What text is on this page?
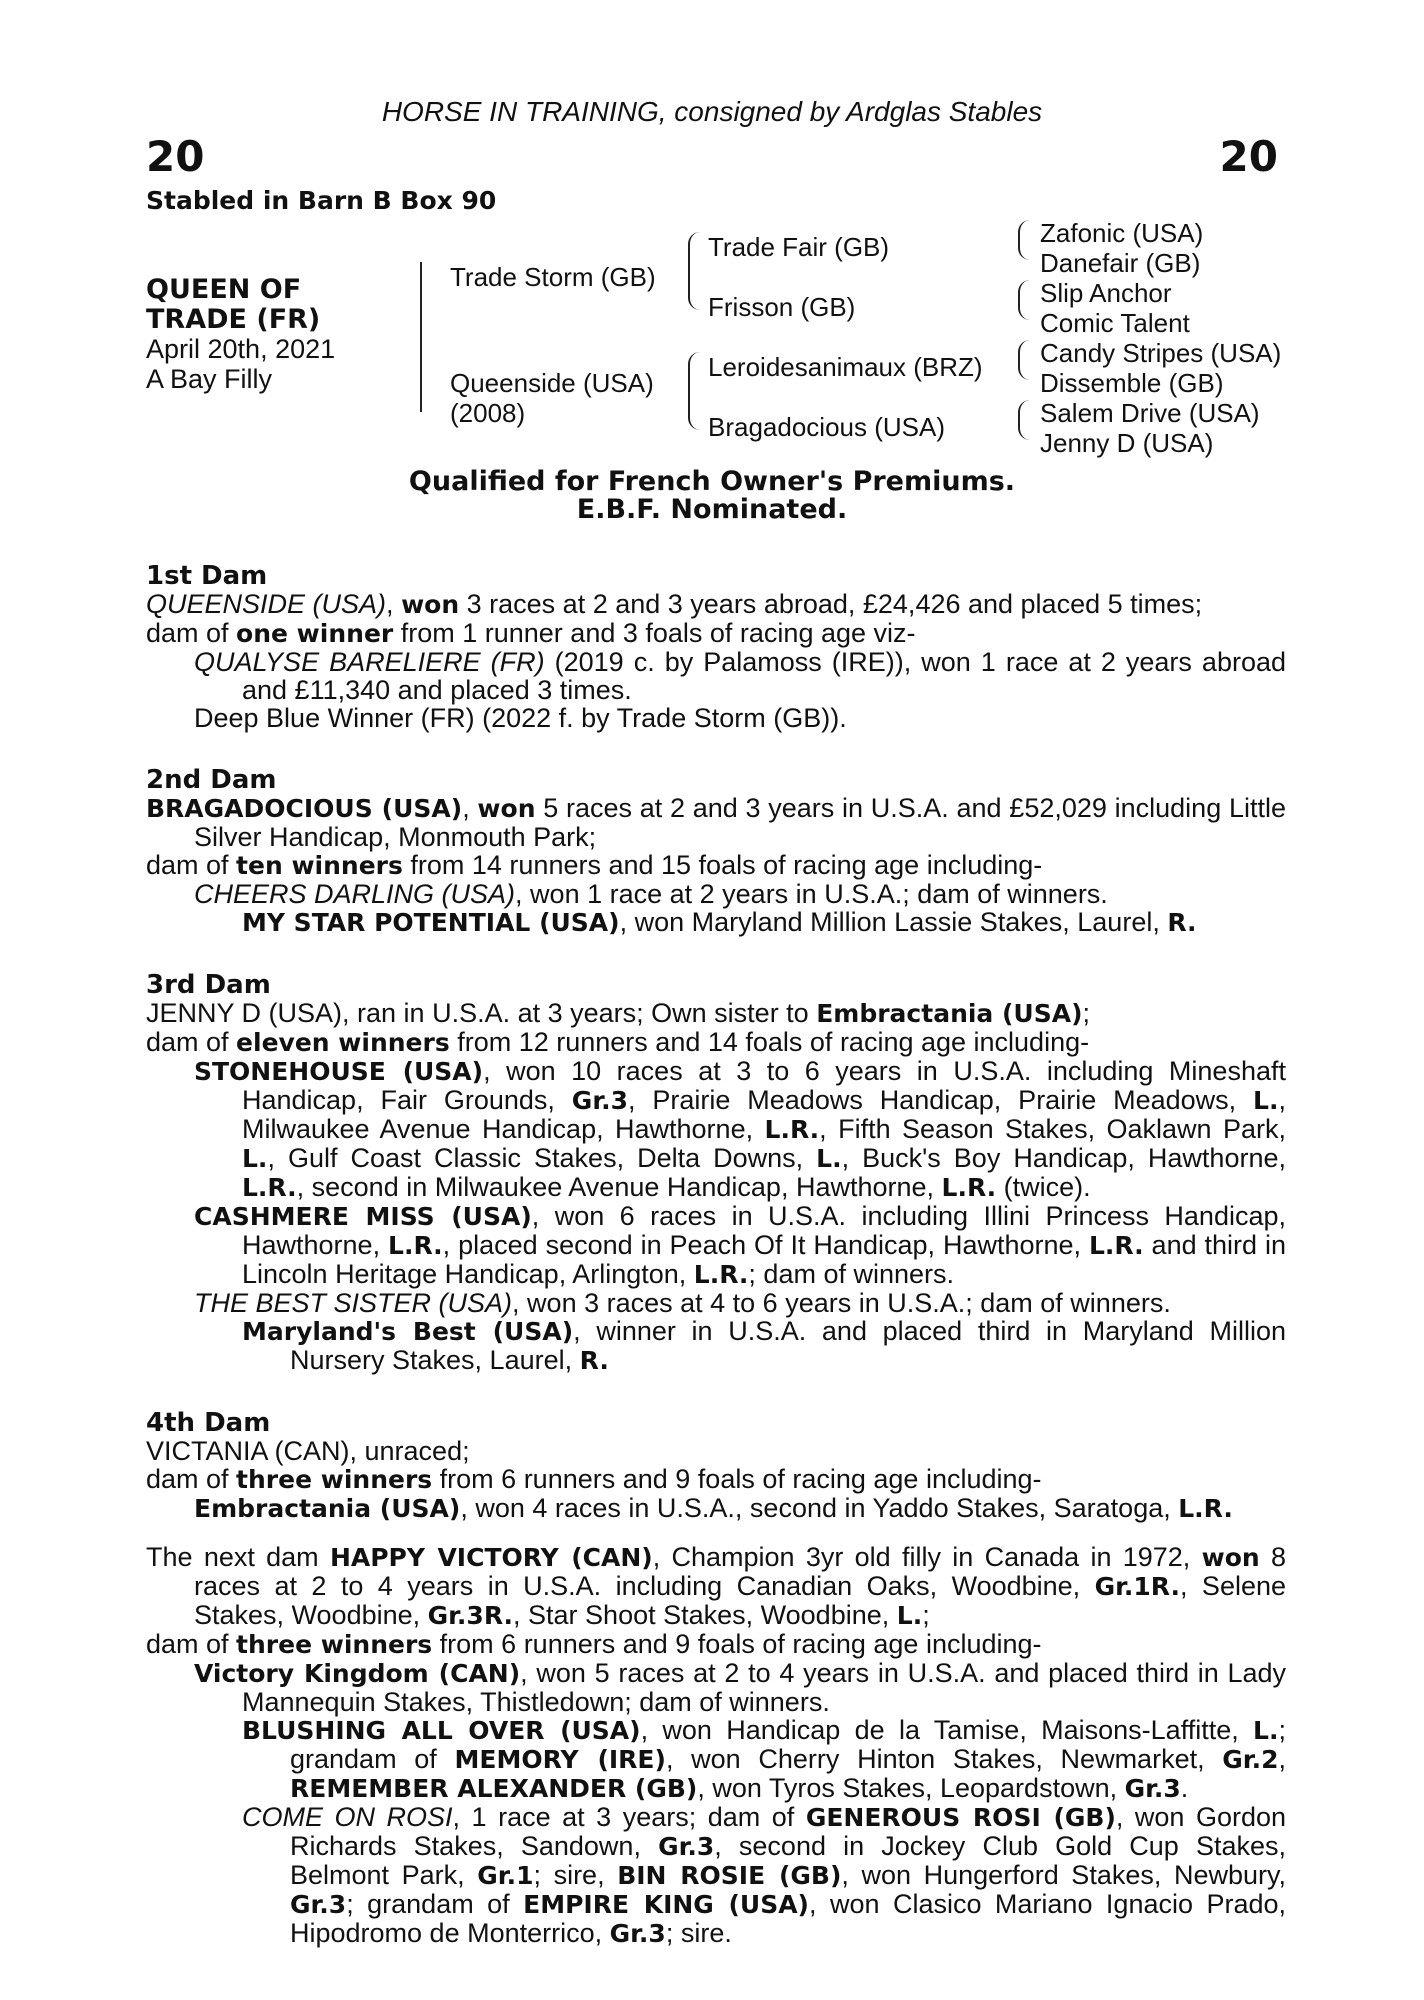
HORSE IN TRAINING, consigned by Ardglas Stables
20	20
Stabled in Barn B Box 90
QUEEN OF
TRADE (FR)
April 20th, 2021
A Bay Filly
Trade Storm (GB)
Queenside (USA)
(2008)
Trade Fair (GB)
Frisson (GB)
Leroidesanimaux (BRZ)
Bragadocious (USA)
Zafonic (USA)
Danefair (GB)
Slip Anchor
Comic Talent
Candy Stripes (USA)
Dissemble (GB)
Salem Drive (USA)
Jenny D (USA)
Qualified for French Owner's Premiums.
E.B.F. Nominated.

1st Dam

QUEENSIDE (USA), won 3 races at 2 and 3 years abroad, £24,426 and placed 5 times;

dam of one winner from 1 runner and 3 foals of racing age viz-

QUALYSE BARELIERE (FR) (2019 c. by Palamoss (IRE)), won 1 race at 2 years abroad and £11,340 and placed 3 times.

Deep Blue Winner (FR) (2022 f. by Trade Storm (GB)).

2nd Dam

BRAGADOCIOUS (USA), won 5 races at 2 and 3 years in U.S.A. and £52,029 including Little Silver Handicap, Monmouth Park;

dam of ten winners from 14 runners and 15 foals of racing age including-

CHEERS DARLING (USA), won 1 race at 2 years in U.S.A.; dam of winners.

MY STAR POTENTIAL (USA), won Maryland Million Lassie Stakes, Laurel, R.

3rd Dam

JENNY D (USA), ran in U.S.A. at 3 years; Own sister to Embractania (USA);

dam of eleven winners from 12 runners and 14 foals of racing age including-

STONEHOUSE (USA), won 10 races at 3 to 6 years in U.S.A. including Mineshaft Handicap, Fair Grounds, Gr.3, Prairie Meadows Handicap, Prairie Meadows, L., Milwaukee Avenue Handicap, Hawthorne, L.R., Fifth Season Stakes, Oaklawn Park, L., Gulf Coast Classic Stakes, Delta Downs, L., Buck's Boy Handicap, Hawthorne, L.R., second in Milwaukee Avenue Handicap, Hawthorne, L.R. (twice).

CASHMERE MISS (USA), won 6 races in U.S.A. including Illini Princess Handicap, Hawthorne, L.R., placed second in Peach Of It Handicap, Hawthorne, L.R. and third in Lincoln Heritage Handicap, Arlington, L.R.; dam of winners.

THE BEST SISTER (USA), won 3 races at 4 to 6 years in U.S.A.; dam of winners.

Maryland's Best (USA), winner in U.S.A. and placed third in Maryland Million Nursery Stakes, Laurel, R.

4th Dam

VICTANIA (CAN), unraced;

dam of three winners from 6 runners and 9 foals of racing age including-

Embractania (USA), won 4 races in U.S.A., second in Yaddo Stakes, Saratoga, L.R.

The next dam HAPPY VICTORY (CAN), Champion 3yr old filly in Canada in 1972, won 8 races at 2 to 4 years in U.S.A. including Canadian Oaks, Woodbine, Gr.1R., Selene Stakes, Woodbine, Gr.3R., Star Shoot Stakes, Woodbine, L.;

dam of three winners from 6 runners and 9 foals of racing age including-

Victory Kingdom (CAN), won 5 races at 2 to 4 years in U.S.A. and placed third in Lady Mannequin Stakes, Thistledown; dam of winners.

BLUSHING ALL OVER (USA), won Handicap de la Tamise, Maisons-Laffitte, L.; grandam of MEMORY (IRE), won Cherry Hinton Stakes, Newmarket, Gr.2, REMEMBER ALEXANDER (GB), won Tyros Stakes, Leopardstown, Gr.3.

COME ON ROSI, 1 race at 3 years; dam of GENEROUS ROSI (GB), won Gordon Richards Stakes, Sandown, Gr.3, second in Jockey Club Gold Cup Stakes, Belmont Park, Gr.1; sire, BIN ROSIE (GB), won Hungerford Stakes, Newbury, Gr.3; grandam of EMPIRE KING (USA), won Clasico Mariano Ignacio Prado, Hipodromo de Monterrico, Gr.3; sire.
